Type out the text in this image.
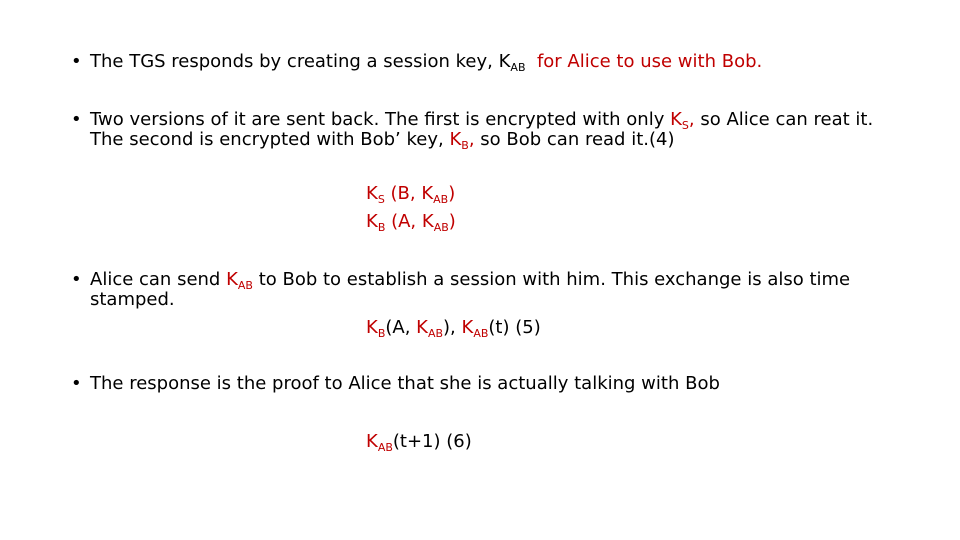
• The TGS responds by creating a session key, $K_{AB}$ for Alice to use with Bob.
• Two versions of it are sent back. The first is encrypted with only $K_S$, so Alice can reat it.
The second is encrypted with Bob’ key, $K_B$, so Bob can read it.(4)
$K_S$ (B, $K_{AB}$)
$K_B$ (A, $K_{AB}$)
• Alice can send $K_{AB}$ to Bob to establish a session with him. This exchange is also time
stamped.
$K_B(A$, $K_{AB}$), $K_{AB}(t)$ (5)
• The response is the proof to Alice that she is actually talking with Bob
$K_{AB}(t+1)$ (6)
